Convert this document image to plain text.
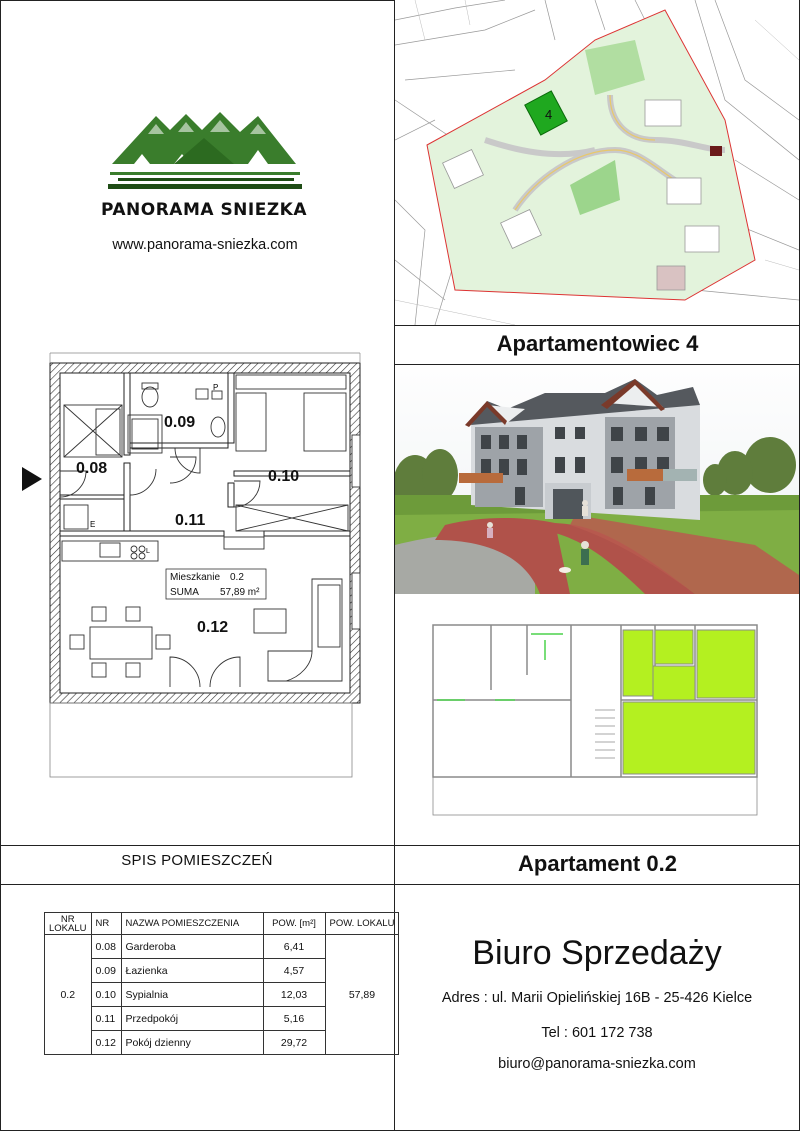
PANORAMA SNIEZKA
www.panorama-sniezka.com
4
Apartamentowiec 4
P
E
L
0.08
0.09
0.10
0.11
0.12
Mieszkanie 0.2
SUMA 57,89 m²
SPIS POMIESZCZEŃ	Apartament 0.2
NR
LOKALU	NR	NAZWA POMIESZCZENIA	POW. [m²]	POW. LOKALU
0.2	0.08	Garderoba	6,41	57,89
	0.09	Łazienka	4,57	
	0.10	Sypialnia	12,03	
	0.11	Przedpokój	5,16	
	0.12	Pokój dzienny	29,72	
Biuro Sprzedaży
Adres : ul. Marii Opielińskiej 16B - 25-426 Kielce
Tel : 601 172 738
biuro@panorama-sniezka.com
